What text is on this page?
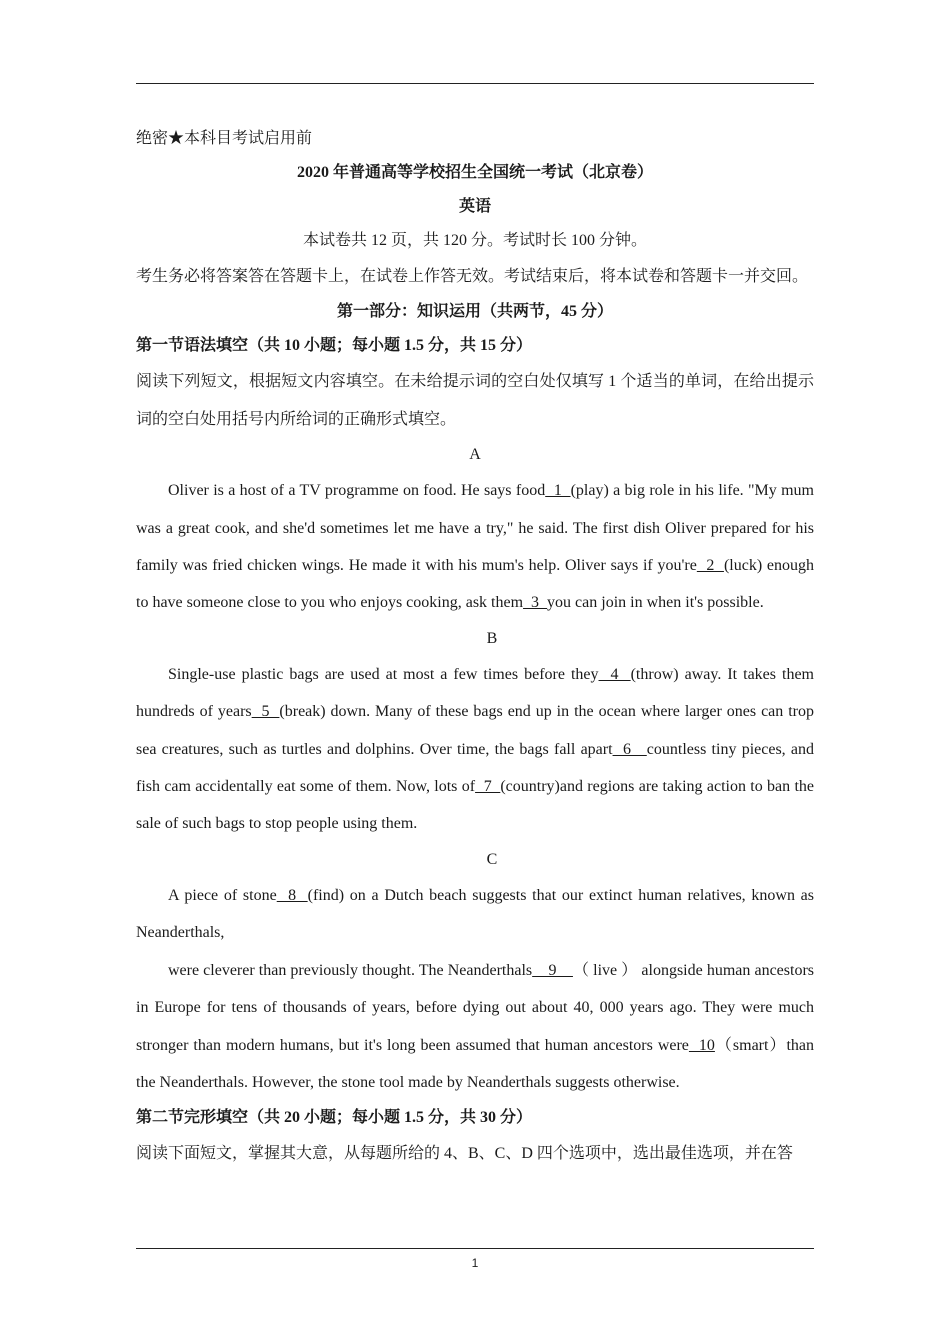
绝密★本科目考试启用前

2020 年普通高等学校招生全国统一考试（北京卷）

英语

本试卷共 12 页，共 120 分。考试时长 100 分钟。

考生务必将答案答在答题卡上，在试卷上作答无效。考试结束后，将本试卷和答题卡一并交回。

第一部分：知识运用（共两节，45 分）

第一节语法填空（共 10 小题；每小题 1.5 分，共 15 分）

阅读下列短文，根据短文内容填空。在未给提示词的空白处仅填写 1 个适当的单词，在给出提示词的空白处用括号内所给词的正确形式填空。

A

Oliver is a host of a TV programme on food. He says food  1  (play) a big role in his life. "My mum was a great cook, and she'd sometimes let me have a try," he said. The first dish Oliver prepared for his family was fried chicken wings. He made it with his mum's help. Oliver says if you're  2  (luck) enough to have someone close to you who enjoys cooking, ask them  3  you can join in when it's possible.

B

Single-use plastic bags are used at most a few times before they  4  (throw) away. It takes them hundreds of years  5  (break) down. Many of these bags end up in the ocean where larger ones can trop sea creatures, such as turtles and dolphins. Over time, the bags fall apart  6   countless tiny pieces, and fish cam accidentally eat some of them. Now, lots of  7  (country)and regions are taking action to ban the sale of such bags to stop people using them.

C

A piece of stone  8  (find) on a Dutch beach suggests that our extinct human relatives, known as Neanderthals,

were cleverer than previously thought. The Neanderthals    9    （ live ） alongside human ancestors in Europe for tens of thousands of years, before dying out about 40, 000 years ago. They were much stronger than modern humans, but it's long been assumed that human ancestors were  10（smart）than the Neanderthals. However, the stone tool made by Neanderthals suggests otherwise.

第二节完形填空（共 20 小题；每小题 1.5 分，共 30 分）

阅读下面短文，掌握其大意，从每题所给的 4、B、C、D 四个选项中，选出最佳选项，并在答

1
